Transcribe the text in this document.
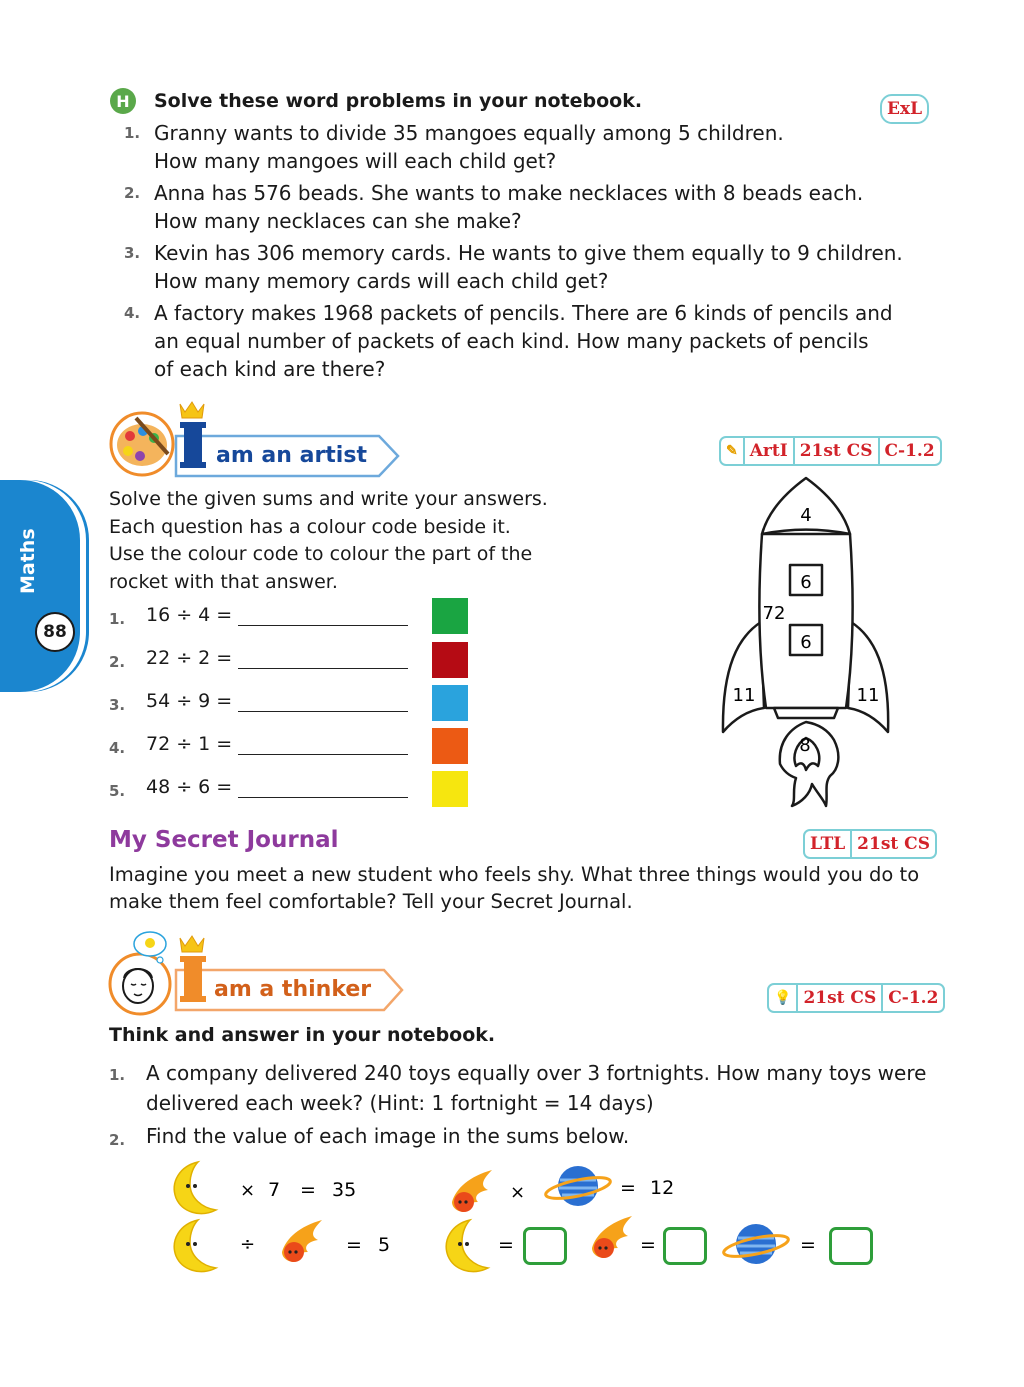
H Solve these word problems in your notebook.	ExL
1. Granny wants to divide 35 mangoes equally among 5 children.
How many mangoes will each child get?
2. Anna has 576 beads. She wants to make necklaces with 8 beads each.
How many necklaces can she make?
3. Kevin has 306 memory cards. He wants to give them equally to 9 children.
How many memory cards will each child get?
4. A factory makes 1968 packets of pencils. There are 6 kinds of pencils and
an equal number of packets of each kind. How many packets of pencils
of each kind are there?
am an artist	✎ ArtI 21st CS C-1.2
Maths
88
Solve the given sums and write your answers.
Each question has a colour code beside it.
Use the colour code to colour the part of the
rocket with that answer.
1. 16 ÷ 4 =
2. 22 ÷ 2 =
3. 54 ÷ 9 =
4. 72 ÷ 1 =
5. 48 ÷ 6 =
4
6
72
6
11	11
8
My Secret Journal	LTL 21st CS
Imagine you meet a new student who feels shy. What three things would you do to
make them feel comfortable? Tell your Secret Journal.
am a thinker	💡 21st CS C-1.2
Think and answer in your notebook.
1. A company delivered 240 toys equally over 3 fortnights. How many toys were
delivered each week? (Hint: 1 fortnight = 14 days)
2. Find the value of each image in the sums below.
× 7 = 35	×	= 12
÷	= 5	=	=	=
